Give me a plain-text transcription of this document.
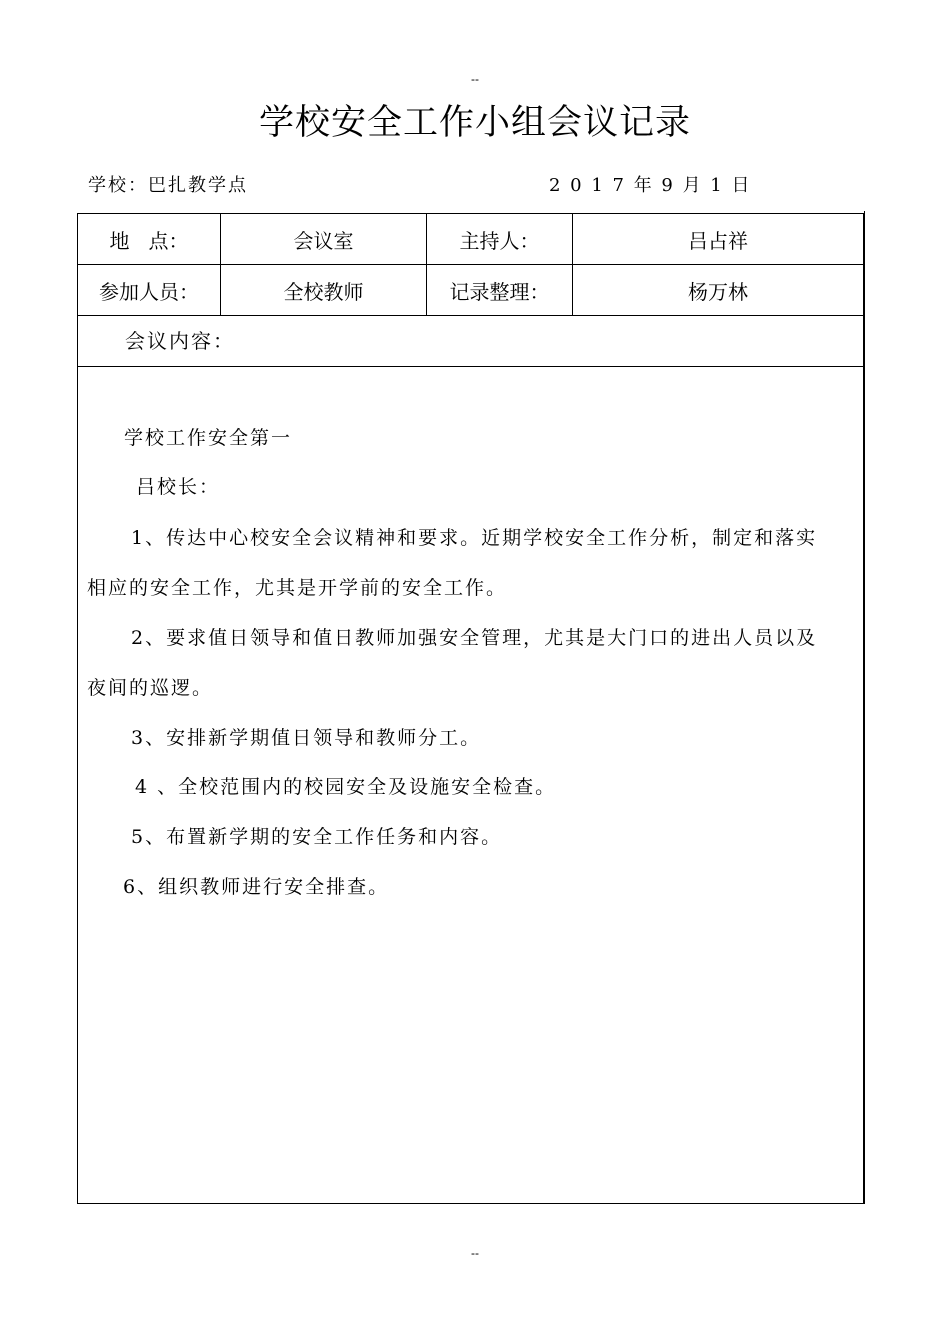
--
学校安全工作小组会议记录
学校：巴扎教学点	2 0 1 7 年 9 月 1 日
地   点：	会议室	主持人：	吕占祥
参加人员：	全校教师	记录整理：	杨万林
会议内容：
学校工作安全第一
吕校长：
1、传达中心校安全会议精神和要求。近期学校安全工作分析，制定和落实
相应的安全工作，尤其是开学前的安全工作。
2、要求值日领导和值日教师加强安全管理，尤其是大门口的进出人员以及
夜间的巡逻。
3、安排新学期值日领导和教师分工。
4 、全校范围内的校园安全及设施安全检查。
5、布置新学期的安全工作任务和内容。
6、组织教师进行安全排查。
--
